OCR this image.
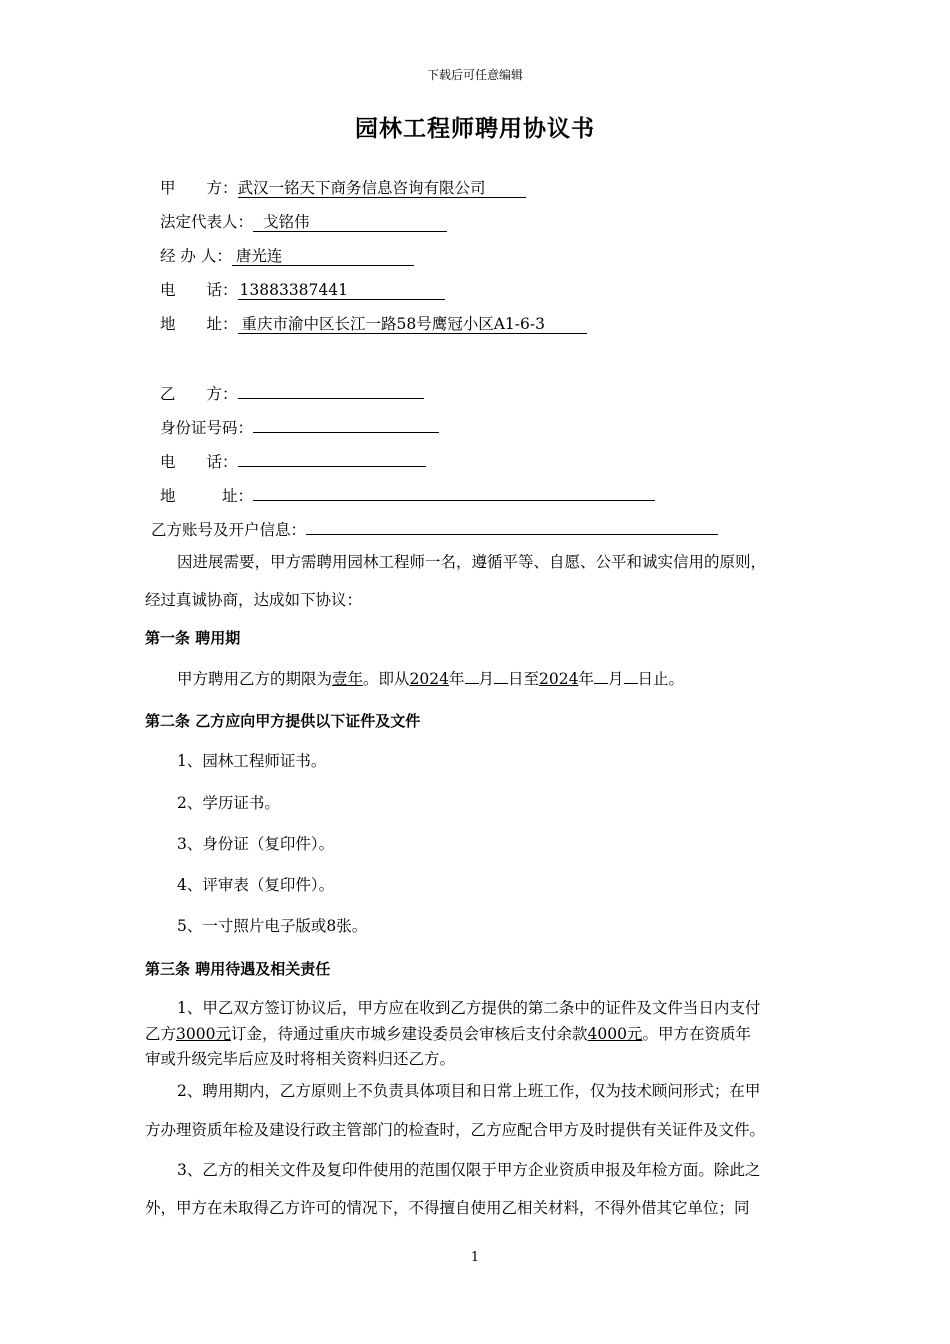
下载后可任意编辑
园林工程师聘用协议书
甲　　方：武汉一铭天下商务信息咨询有限公司
法定代表人： 戈铭伟
经 办 人： 唐光连
电　　话： 13883387441
地　　址： 重庆市渝中区长江一路58号鹰冠小区A1-6-3
乙　　方：
身份证号码：
电　　话：
地　　　址：
乙方账号及开户信息：
因进展需要，甲方需聘用园林工程师一名，遵循平等、自愿、公平和诚实信用的原则，
经过真诚协商，达成如下协议：
第一条 聘用期
甲方聘用乙方的期限为壹年。即从2024年 月 日至2024年 月 日止。
第二条 乙方应向甲方提供以下证件及文件
1、园林工程师证书。
2、学历证书。
3、身份证（复印件）。
4、评审表（复印件）。
5、一寸照片电子版或8张。
第三条 聘用待遇及相关责任
1、甲乙双方签订协议后，甲方应在收到乙方提供的第二条中的证件及文件当日内支付
乙方3000元订金，待通过重庆市城乡建设委员会审核后支付余款4000元。甲方在资质年
审或升级完毕后应及时将相关资料归还乙方。
2、聘用期内，乙方原则上不负责具体项目和日常上班工作，仅为技术顾问形式；在甲
方办理资质年检及建设行政主管部门的检查时，乙方应配合甲方及时提供有关证件及文件。
3、乙方的相关文件及复印件使用的范围仅限于甲方企业资质申报及年检方面。除此之
外，甲方在未取得乙方许可的情况下，不得擅自使用乙相关材料，不得外借其它单位；同
1
